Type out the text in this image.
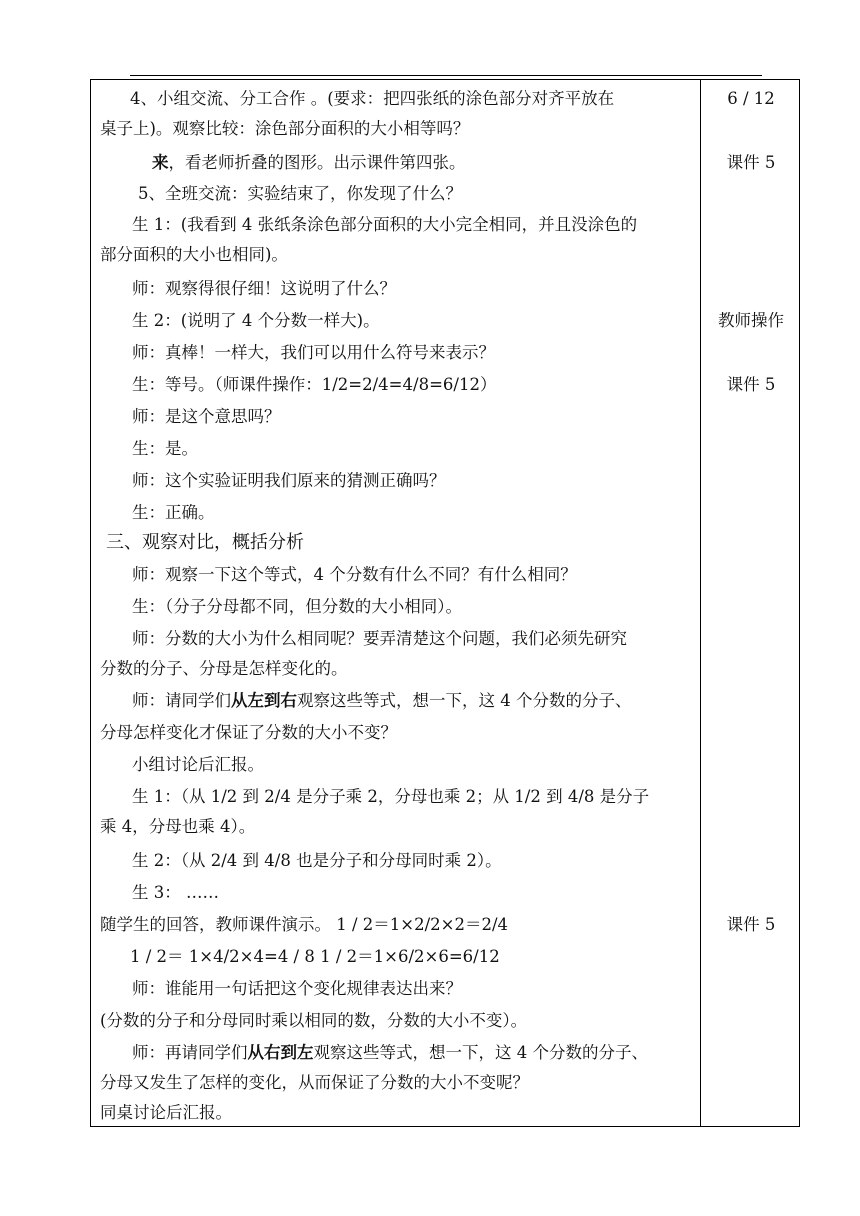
4、小组交流、分工合作 。(要求：把四张纸的涂色部分对齐平放在
桌子上)。观察比较：涂色部分面积的大小相等吗？
来，看老师折叠的图形。出示课件第四张。
5、全班交流：实验结束了，你发现了什么？
生 1：(我看到 4 张纸条涂色部分面积的大小完全相同，并且没涂色的
部分面积的大小也相同)。
师：观察得很仔细！这说明了什么？
生 2：(说明了 4 个分数一样大)。
师：真棒！一样大，我们可以用什么符号来表示？
生：等号。（师课件操作：1/2=2/4=4/8=6/12）
师：是这个意思吗？
生：是。
师：这个实验证明我们原来的猜测正确吗？
生：正确。
三、观察对比，概括分析
师：观察一下这个等式，4 个分数有什么不同？有什么相同？
生：（分子分母都不同，但分数的大小相同）。
师：分数的大小为什么相同呢？要弄清楚这个问题，我们必须先研究
分数的分子、分母是怎样变化的。
师：请同学们从左到右观察这些等式，想一下，这 4 个分数的分子、
分母怎样变化才保证了分数的大小不变？
小组讨论后汇报。
生 1：（从 1/2 到 2/4 是分子乘 2，分母也乘 2；从 1/2 到 4/8 是分子
乘 4，分母也乘 4）。
生 2：（从 2/4 到 4/8 也是分子和分母同时乘 2）。
生 3： ……
随学生的回答，教师课件演示。 1 / 2＝1×2/2×2＝2/4
1 / 2＝ 1×4/2×4=4 / 8 1 / 2＝1×6/2×6=6/12
师：谁能用一句话把这个变化规律表达出来？
(分数的分子和分母同时乘以相同的数，分数的大小不变）。
师：再请同学们从右到左观察这些等式，想一下，这 4 个分数的分子、
分母又发生了怎样的变化，从而保证了分数的大小不变呢？
同桌讨论后汇报。
6 / 12
课件 5
教师操作
课件 5
课件 5
